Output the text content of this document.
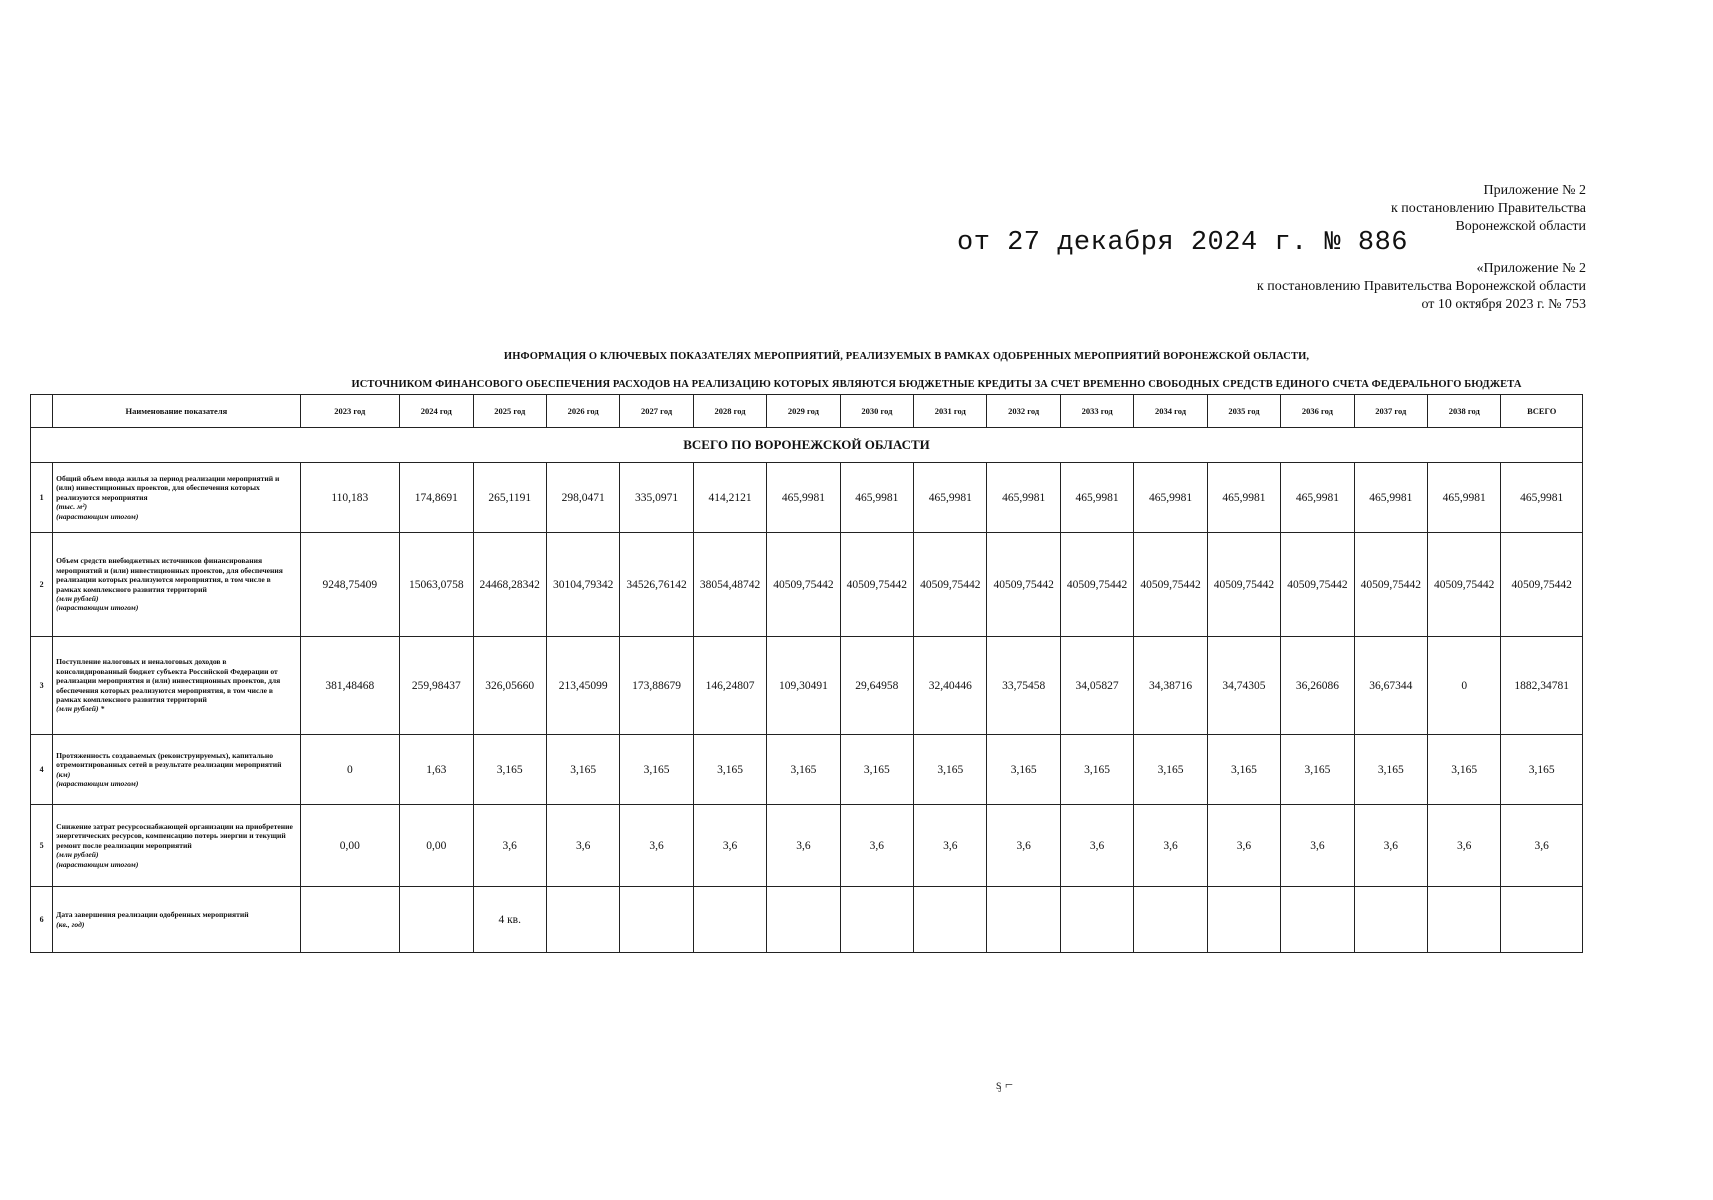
Приложение № 2
к постановлению Правительства
Воронежской области
от 27 декабря 2024 г. № 886
«Приложение № 2
к постановлению Правительства Воронежской области
от 10 октября 2023 г. № 753
ИНФОРМАЦИЯ О КЛЮЧЕВЫХ ПОКАЗАТЕЛЯХ МЕРОПРИЯТИЙ, РЕАЛИЗУЕМЫХ В РАМКАХ ОДОБРЕННЫХ МЕРОПРИЯТИЙ ВОРОНЕЖСКОЙ ОБЛАСТИ,
ИСТОЧНИКОМ ФИНАНСОВОГО ОБЕСПЕЧЕНИЯ РАСХОДОВ НА РЕАЛИЗАЦИЮ КОТОРЫХ ЯВЛЯЮТСЯ БЮДЖЕТНЫЕ КРЕДИТЫ ЗА СЧЕТ ВРЕМЕННО СВОБОДНЫХ СРЕДСТВ ЕДИНОГО СЧЕТА ФЕДЕРАЛЬНОГО БЮДЖЕТА
	Наименование показателя	2023 год	2024 год	2025 год	2026 год	2027 год	2028 год	2029 год	2030 год	2031 год	2032 год	2033 год	2034 год	2035 год	2036 год	2037 год	2038 год	ВСЕГО
ВСЕГО ПО ВОРОНЕЖСКОЙ ОБЛАСТИ																		
1	Общий объем ввода жилья за период реализации мероприятий и (или) инвестиционных проектов, для обеспечения которых реализуются мероприятия
(тыс. м²)
(нарастающим итогом)	110,183	174,8691	265,1191	298,0471	335,0971	414,2121	465,9981	465,9981	465,9981	465,9981	465,9981	465,9981	465,9981	465,9981	465,9981	465,9981	465,9981
2	Объем средств внебюджетных источников финансирования мероприятий и (или) инвестиционных проектов, для обеспечения реализации которых реализуются мероприятия, в том числе в рамках комплексного развития территорий
(млн рублей)
(нарастающим итогом)	9248,75409	15063,0758	24468,28342	30104,79342	34526,76142	38054,48742	40509,75442	40509,75442	40509,75442	40509,75442	40509,75442	40509,75442	40509,75442	40509,75442	40509,75442	40509,75442	40509,75442
3	Поступление налоговых и неналоговых доходов в консолидированный бюджет субъекта Российской Федерации от реализации мероприятия и (или) инвестиционных проектов, для обеспечения которых реализуются мероприятия, в том числе в рамках комплексного развития территорий
(млн рублей) *	381,48468	259,98437	326,05660	213,45099	173,88679	146,24807	109,30491	29,64958	32,40446	33,75458	34,05827	34,38716	34,74305	36,26086	36,67344	0	1882,34781
4	Протяженность создаваемых (реконструируемых), капитально отремонтированных сетей в результате реализации мероприятий
(км)
(нарастающим итогом)	0	1,63	3,165	3,165	3,165	3,165	3,165	3,165	3,165	3,165	3,165	3,165	3,165	3,165	3,165	3,165	3,165
5	Снижение затрат ресурсоснабжающей организации на приобретение энергетических ресурсов, компенсацию потерь энергии и текущий ремонт после реализации мероприятий
(млн рублей)
(нарастающим итогом)	0,00	0,00	3,6	3,6	3,6	3,6	3,6	3,6	3,6	3,6	3,6	3,6	3,6	3,6	3,6	3,6	3,6
6	Дата завершения реализации одобренных мероприятий
(кв., год)			4 кв.														
ᶊ ⌐
